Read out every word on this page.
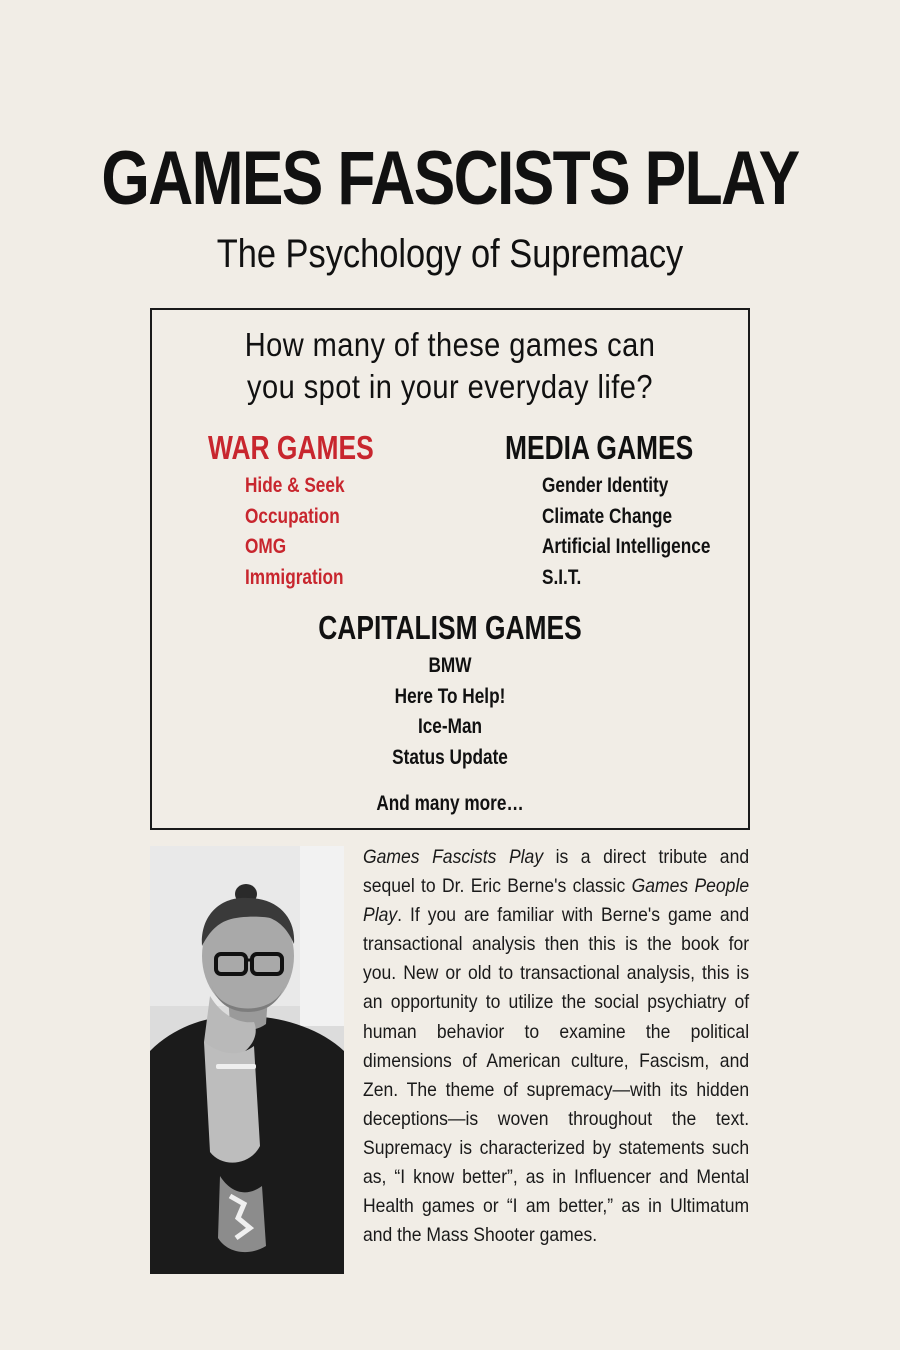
GAMES FASCISTS PLAY
The Psychology of Supremacy
How many of these games can
you spot in your everyday life?
WAR GAMES
Hide & Seek
Occupation
OMG
Immigration
MEDIA GAMES
Gender Identity
Climate Change
Artificial Intelligence
S.I.T.
CAPITALISM GAMES
BMW
Here To Help!
Ice-Man
Status Update
And many more…

Games Fascists Play is a direct tribute and sequel to Dr. Eric Berne's classic Games People Play. If you are familiar with Berne's game and transactional analysis then this is the book for you. New or old to transactional analysis, this is an opportunity to utilize the social psychiatry of human behavior to examine the political dimensions of American culture, Fascism, and Zen. The theme of supremacy—with its hidden deceptions—is woven throughout the text. Supremacy is characterized by statements such as, “I know better”, as in Influencer and Mental Health games or “I am better,” as in Ultimatum and the Mass Shooter games.
